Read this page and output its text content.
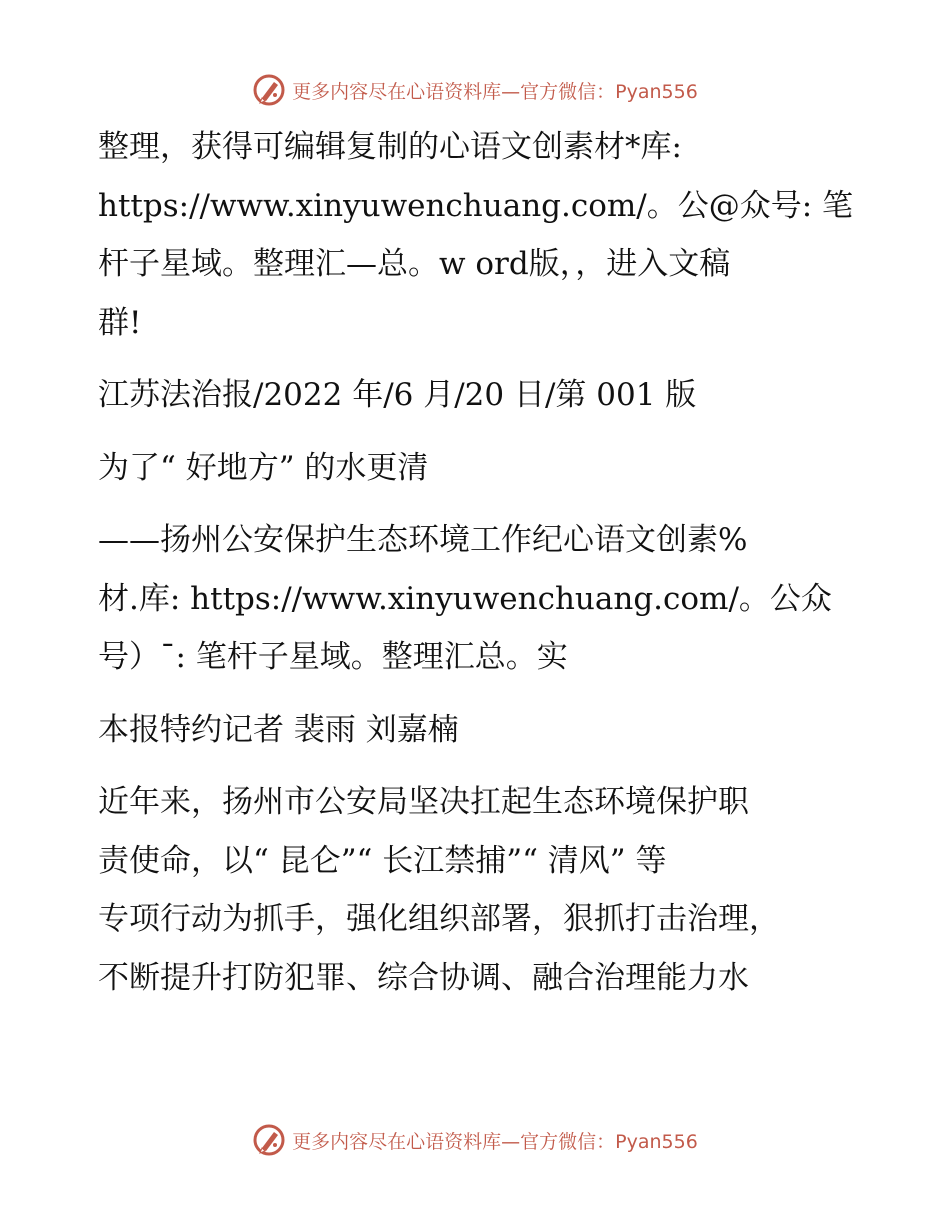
更多内容尽在心语资料库—官方微信：Pyan556

整理，获得可编辑复制的心语文创素材*库:

https://www.xinyuwenchuang.com/。公@众号: 笔

杆子星域。整理汇—总。w ord版，，进入文稿

群!

江苏法治报/2022 年/6 月/20 日/第 001 版

为了“ 好地方” 的水更清

——扬州公安保护生态环境工作纪心语文创素%

材.库: https://www.xinyuwenchuang.com/。公众

号）¯: 笔杆子星域。整理汇总。实

本报特约记者 裴雨 刘嘉楠

近年来，扬州市公安局坚决扛起生态环境保护职

责使命，以“ 昆仑”“ 长江禁捕”“ 清风” 等

专项行动为抓手，强化组织部署，狠抓打击治理，

不断提升打防犯罪、综合协调、融合治理能力水

更多内容尽在心语资料库—官方微信：Pyan556
